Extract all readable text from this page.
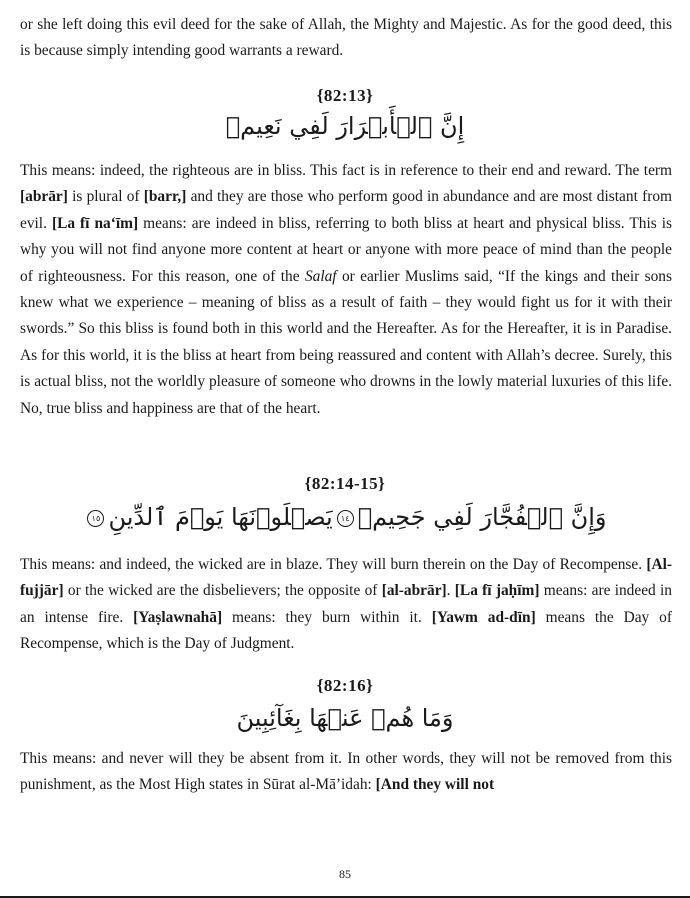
or she left doing this evil deed for the sake of Allah, the Mighty and Majestic. As for the good deed, this is because simply intending good warrants a reward.

{82:13}
إِنَّ ٱلۡأَبۡرَارَ لَفِي نَعِيمٖ

This means: indeed, the righteous are in bliss. This fact is in reference to their end and reward. The term [abrār] is plural of [barr,] and they are those who perform good in abundance and are most distant from evil. [La fī na‘īm] means: are indeed in bliss, referring to both bliss at heart and physical bliss. This is why you will not find anyone more content at heart or anyone with more peace of mind than the people of righteousness. For this reason, one of the Salaf or earlier Muslims said, “If the kings and their sons knew what we experience – meaning of bliss as a result of faith – they would fight us for it with their swords.” So this bliss is found both in this world and the Hereafter. As for the Hereafter, it is in Paradise. As for this world, it is the bliss at heart from being reassured and content with Allah’s decree. Surely, this is actual bliss, not the worldly pleasure of someone who drowns in the lowly material luxuries of this life. No, true bliss and happiness are that of the heart.

{82:14-15}
وَإِنَّ ٱلۡفُجَّارَ لَفِي جَحِيمٖ١٤يَصۡلَوۡنَهَا يَوۡمَ ٱلدِّينِ١٥

This means: and indeed, the wicked are in blaze. They will burn therein on the Day of Recompense. [Al-fujjār] or the wicked are the disbelievers; the opposite of [al-abrār]. [La fī jaḥīm] means: are indeed in an intense fire. [Yaṣlawnahā] means: they burn within it. [Yawm ad-dīn] means the Day of Recompense, which is the Day of Judgment.

{82:16}
وَمَا هُمۡ عَنۡهَا بِغَآئِبِينَ

This means: and never will they be absent from it. In other words, they will not be removed from this punishment, as the Most High states in Sūrat al-Mā’idah: [And they will not

85
